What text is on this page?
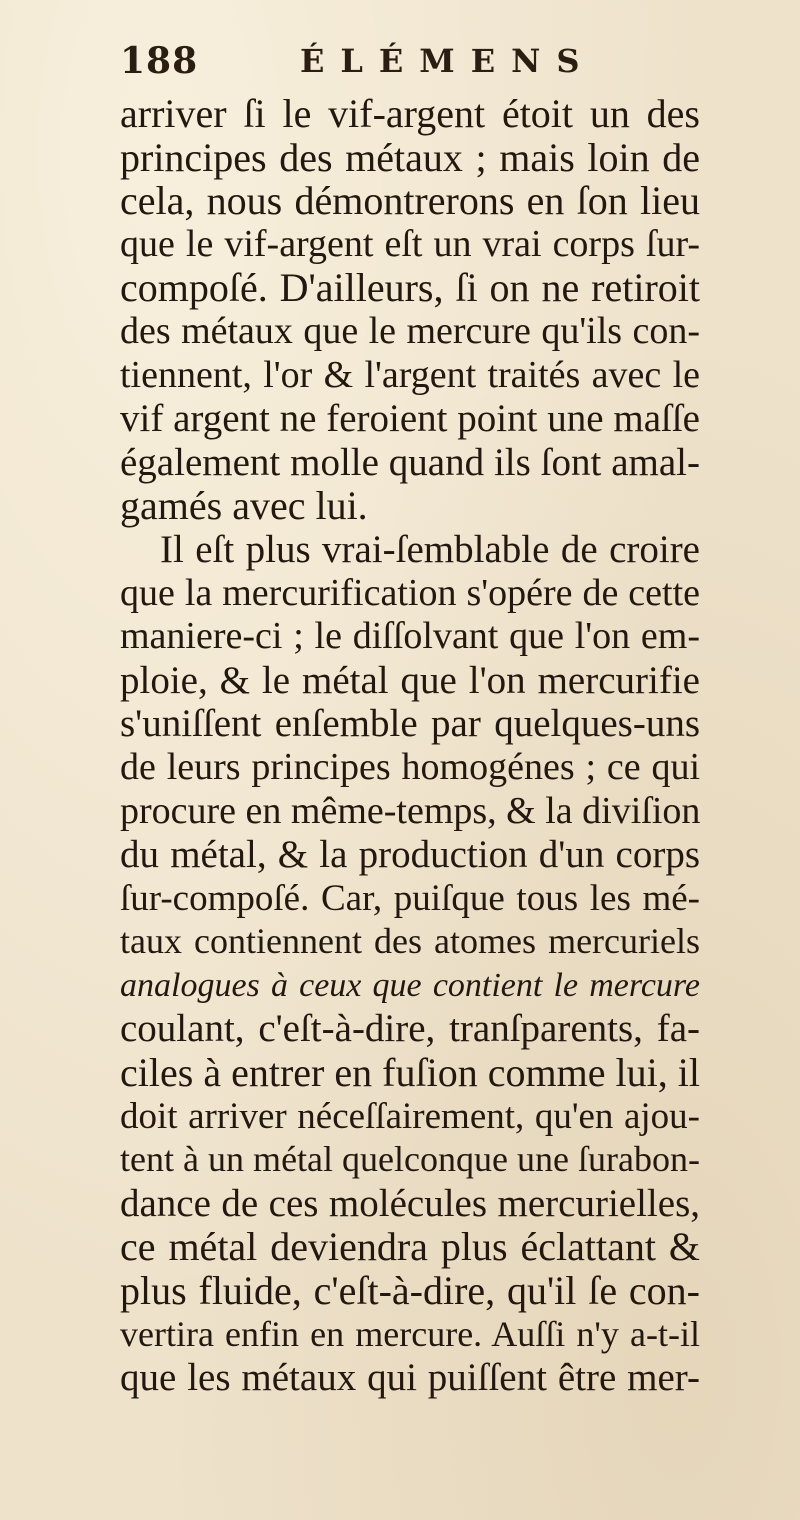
188	ÉLÉMENS
arriver ſi le vif-argent étoit un des
principes des métaux ; mais loin de
cela, nous démontrerons en ſon lieu
que le vif-argent eſt un vrai corps ſur-
compoſé. D'ailleurs, ſi on ne retiroit
des métaux que le mercure qu'ils con-
tiennent, l'or & l'argent traités avec le
vif argent ne feroient point une maſſe
également molle quand ils ſont amal-
gamés avec lui.
Il eſt plus vrai-ſemblable de croire
que la mercurification s'opére de cette
maniere-ci ; le diſſolvant que l'on em-
ploie, & le métal que l'on mercurifie
s'uniſſent enſemble par quelques-uns
de leurs principes homogénes ; ce qui
procure en même-temps, & la diviſion
du métal, & la production d'un corps
ſur-compoſé. Car, puiſque tous les mé-
taux contiennent des atomes mercuriels
analogues à ceux que contient le mercure
coulant, c'eſt-à-dire, tranſparents, fa-
ciles à entrer en fuſion comme lui, il
doit arriver néceſſairement, qu'en ajou-
tent à un métal quelconque une ſurabon-
dance de ces molécules mercurielles,
ce métal deviendra plus éclattant &
plus fluide, c'eſt-à-dire, qu'il ſe con-
vertira enfin en mercure. Auſſi n'y a-t-il
que les métaux qui puiſſent être mer-
